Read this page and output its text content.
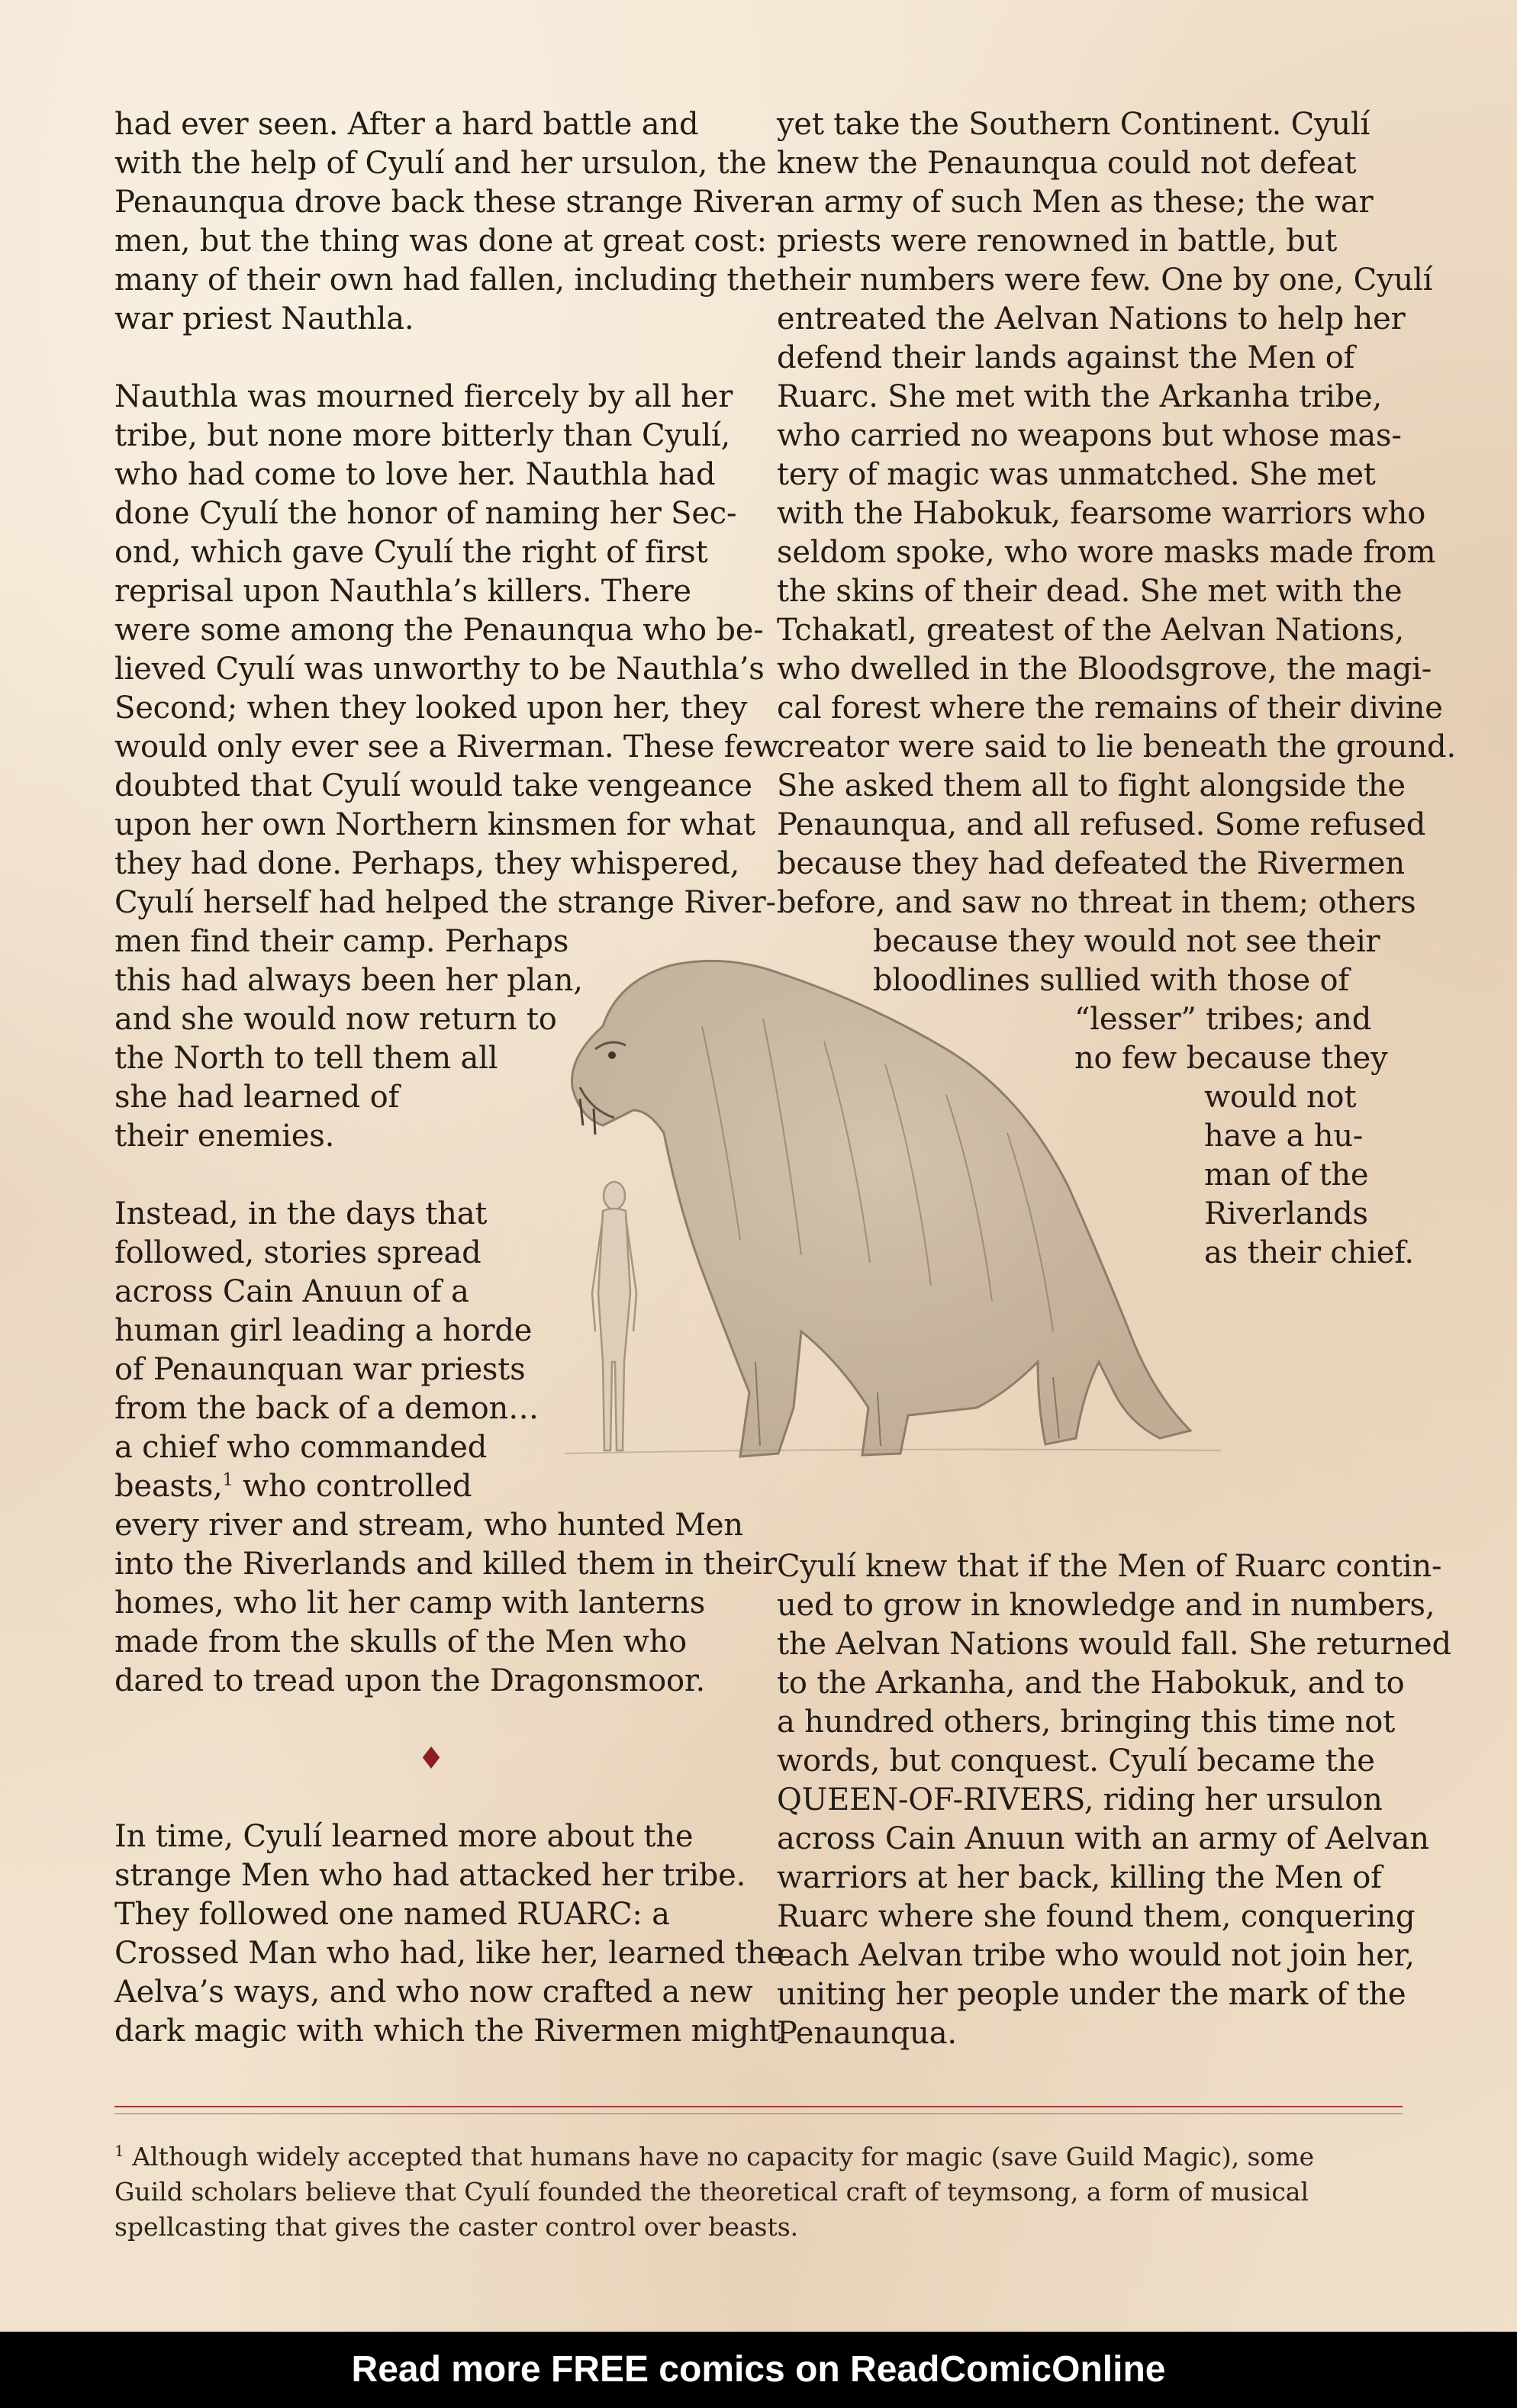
had ever seen. After a hard battle and
with the help of Cyulí and her ursulon, the
Penaunqua drove back these strange River-
men, but the thing was done at great cost:
many of their own had fallen, including the
war priest Nauthla.

Nauthla was mourned fiercely by all her
tribe, but none more bitterly than Cyulí,
who had come to love her. Nauthla had
done Cyulí the honor of naming her Sec-
ond, which gave Cyulí the right of first
reprisal upon Nauthla’s killers. There
were some among the Penaunqua who be-
lieved Cyulí was unworthy to be Nauthla’s
Second; when they looked upon her, they
would only ever see a Riverman. These few
doubted that Cyulí would take vengeance
upon her own Northern kinsmen for what
they had done. Perhaps, they whispered,
Cyulí herself had helped the strange River-
men find their camp. Perhaps
this had always been her plan,
and she would now return to
the North to tell them all
she had learned of
their enemies.

Instead, in the days that
followed, stories spread
across Cain Anuun of a
human girl leading a horde
of Penaunquan war priests
from the back of a demon…
a chief who commanded
beasts,$^1$ who controlled
every river and stream, who hunted Men
into the Riverlands and killed them in their
homes, who lit her camp with lanterns
made from the skulls of the Men who
dared to tread upon the Dragonsmoor.

♦

In time, Cyulí learned more about the
strange Men who had attacked her tribe.
They followed one named RUARC: a
Crossed Man who had, like her, learned the
Aelva’s ways, and who now crafted a new
dark magic with which the Rivermen might

yet take the Southern Continent. Cyulí
knew the Penaunqua could not defeat
an army of such Men as these; the war
priests were renowned in battle, but
their numbers were few. One by one, Cyulí
entreated the Aelvan Nations to help her
defend their lands against the Men of
Ruarc. She met with the Arkanha tribe,
who carried no weapons but whose mas-
tery of magic was unmatched. She met
with the Habokuk, fearsome warriors who
seldom spoke, who wore masks made from
the skins of their dead. She met with the
Tchakatl, greatest of the Aelvan Nations,
who dwelled in the Bloodsgrove, the magi-
cal forest where the remains of their divine
creator were said to lie beneath the ground.
She asked them all to fight alongside the
Penaunqua, and all refused. Some refused
because they had defeated the Rivermen
before, and saw no threat in them; others
because they would not see their
bloodlines sullied with those of
“lesser” tribes; and
no few because they
would not
have a hu-
man of the
Riverlands
as their chief.

Cyulí knew that if the Men of Ruarc contin-
ued to grow in knowledge and in numbers,
the Aelvan Nations would fall. She returned
to the Arkanha, and the Habokuk, and to
a hundred others, bringing this time not
words, but conquest. Cyulí became the
QUEEN-OF-RIVERS, riding her ursulon
across Cain Anuun with an army of Aelvan
warriors at her back, killing the Men of
Ruarc where she found them, conquering
each Aelvan tribe who would not join her,
uniting her people under the mark of the
Penaunqua.

$^1$ Although widely accepted that humans have no capacity for magic (save Guild Magic), some
Guild scholars believe that Cyulí founded the theoretical craft of teymsong, a form of musical
spellcasting that gives the caster control over beasts.
Read more FREE comics on ReadComicOnline
